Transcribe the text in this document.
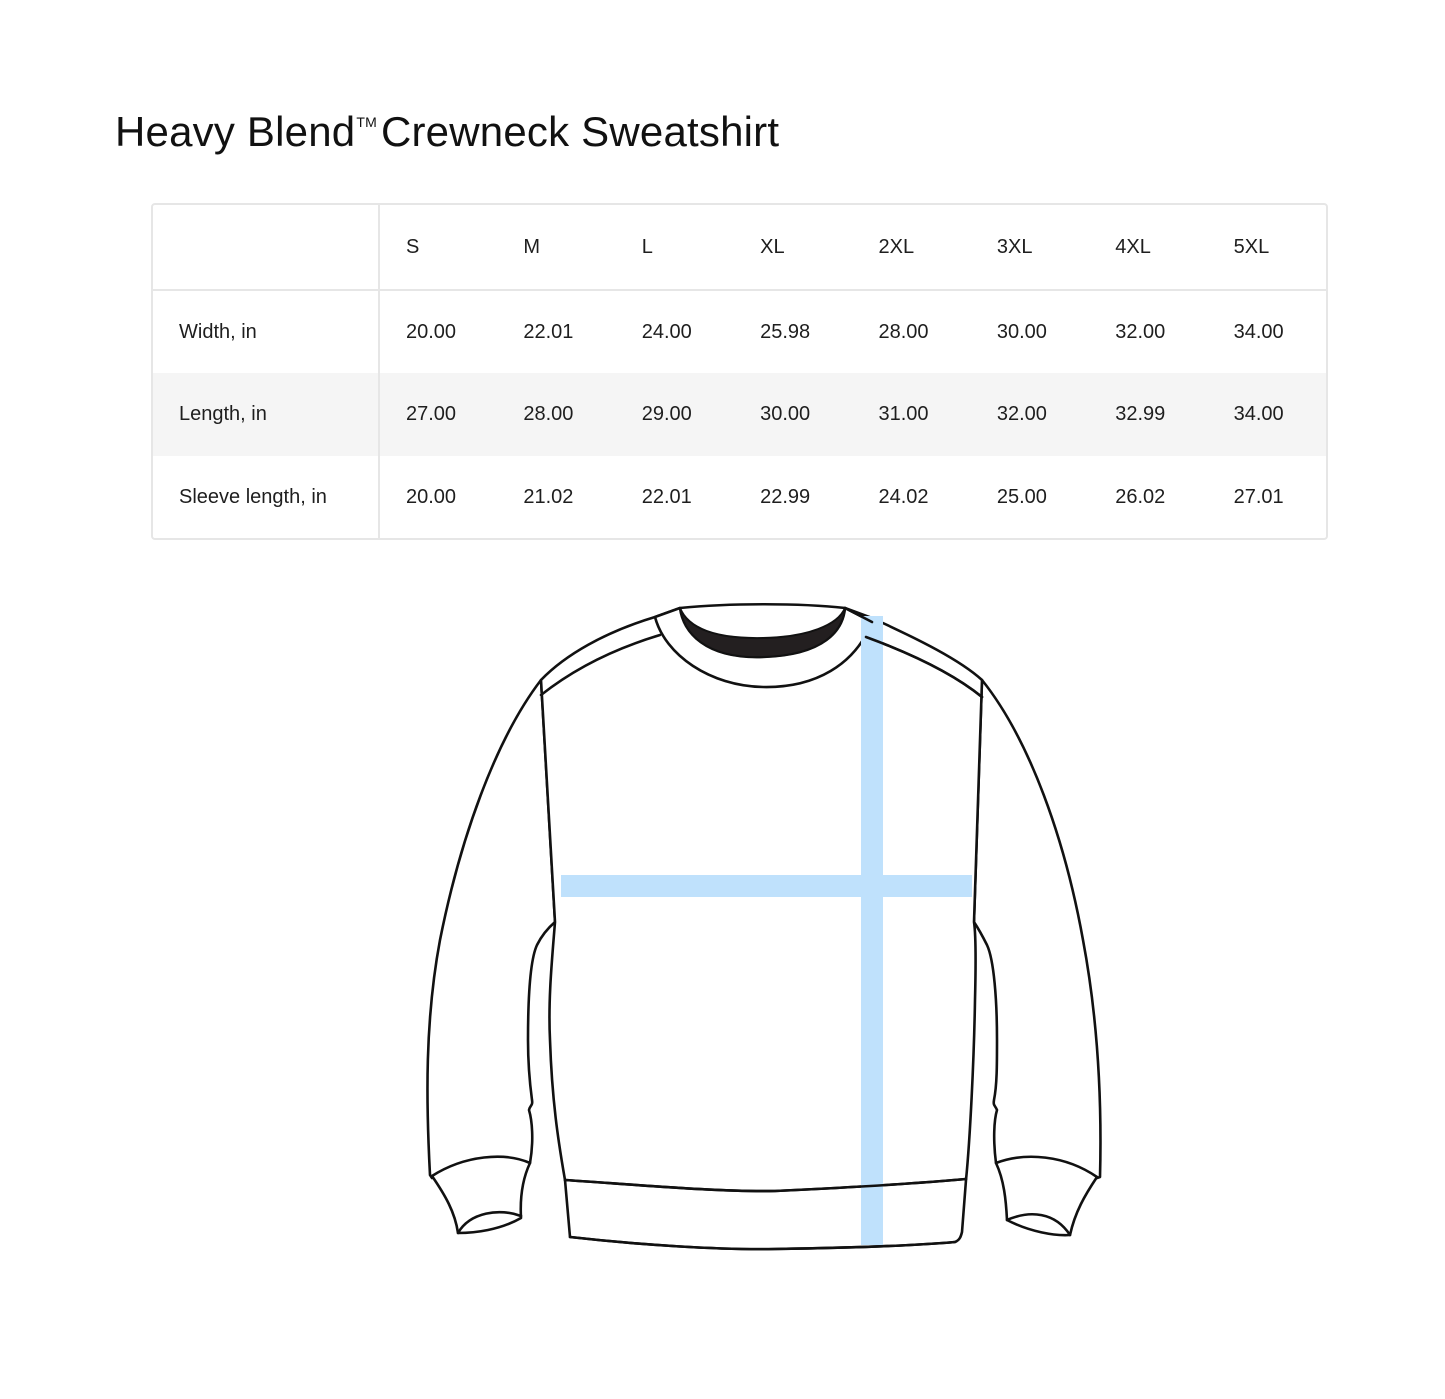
Heavy Blend™Crewneck Sweatshirt
	S	M	L	XL	2XL	3XL	4XL	5XL
Width, in	20.00	22.01	24.00	25.98	28.00	30.00	32.00	34.00
Length, in	27.00	28.00	29.00	30.00	31.00	32.00	32.99	34.00
Sleeve length, in	20.00	21.02	22.01	22.99	24.02	25.00	26.02	27.01
